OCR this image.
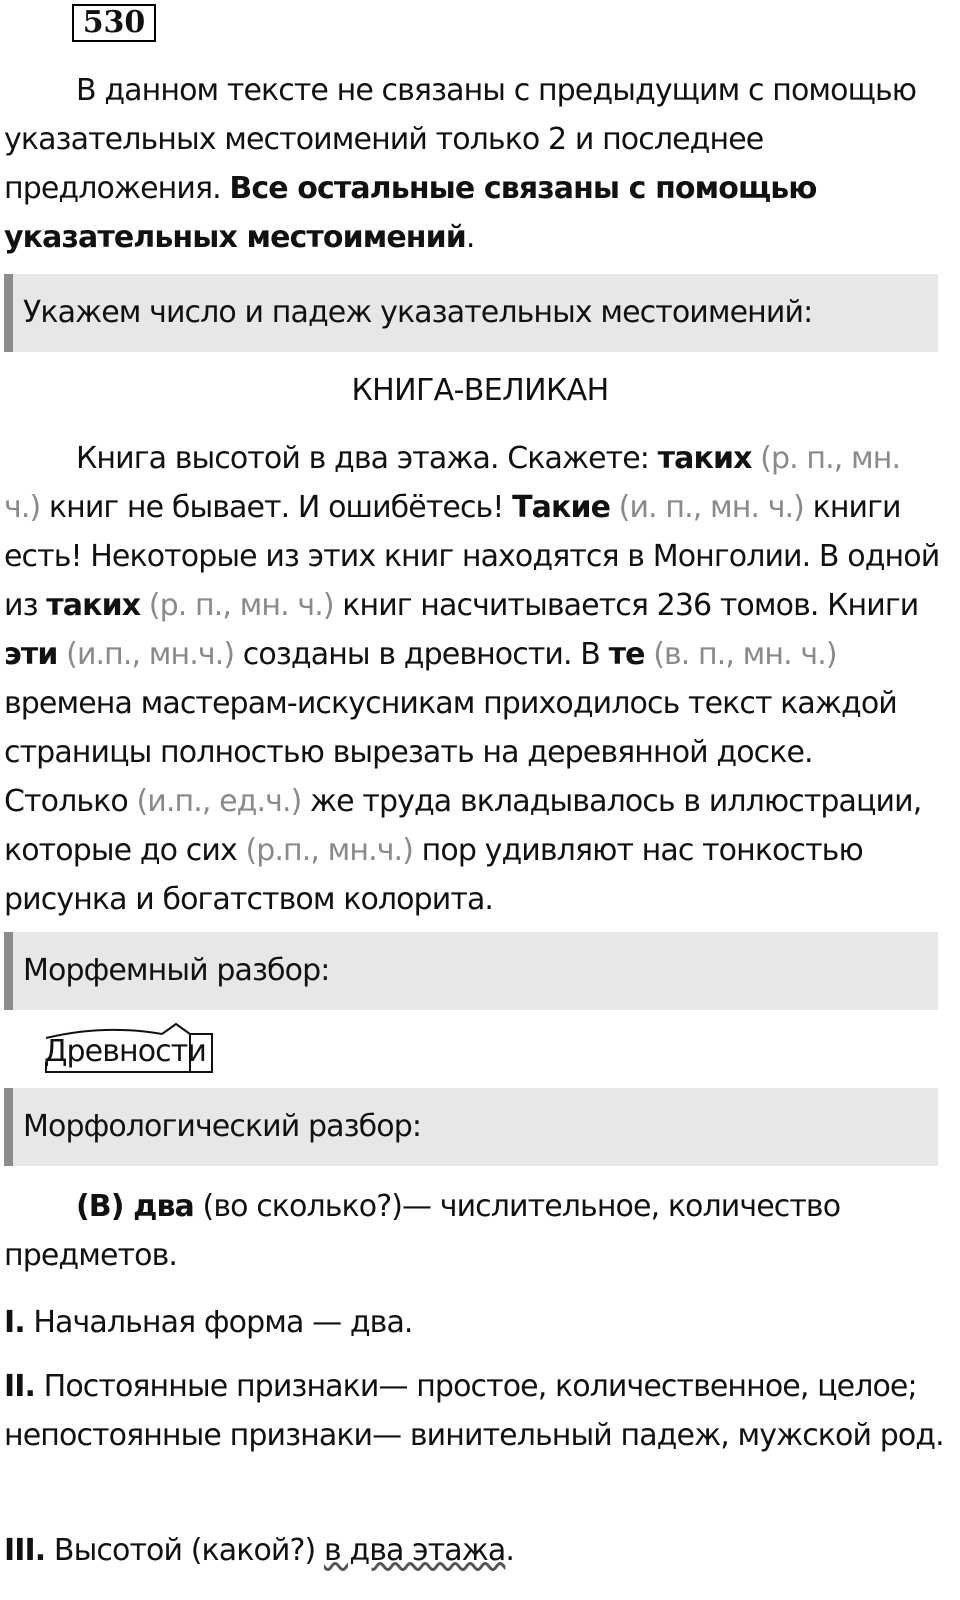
530

В данном тексте не связаны с предыдущим с помощью указательных местоимений только 2 и последнее предложения. Все остальные связаны с помощью указательных местоимений.

Укажем число и падеж указательных местоимений:
КНИГА-ВЕЛИКАН

Книга высотой в два этажа. Скажете: таких (р. п., мн. ч.) книг не бывает. И ошибётесь! Такие (и. п., мн. ч.) книги есть! Некоторые из этих книг находятся в Монголии. В одной из таких (р. п., мн. ч.) книг насчитывается 236 томов. Книги эти (и.п., мн.ч.) созданы в древности. В те (в. п., мн. ч.) времена мастерам-искусникам приходилось текст каждой страницы полностью вырезать на деревянной доске. Столько (и.п., ед.ч.) же труда вкладывалось в иллюстрации, которые до сих (р.п., мн.ч.) пор удивляют нас тонкостью рисунка и богатством колорита.

Морфемный разбор:
Древности
Морфологический разбор:

(В) два (во сколько?)— числительное, количество предметов.

I. Начальная форма — два.

II. Постоянные признаки— простое, количественное, целое; непостоянные признаки— винительный падеж, мужской род.

III. Высотой (какой?) в два этажа.
